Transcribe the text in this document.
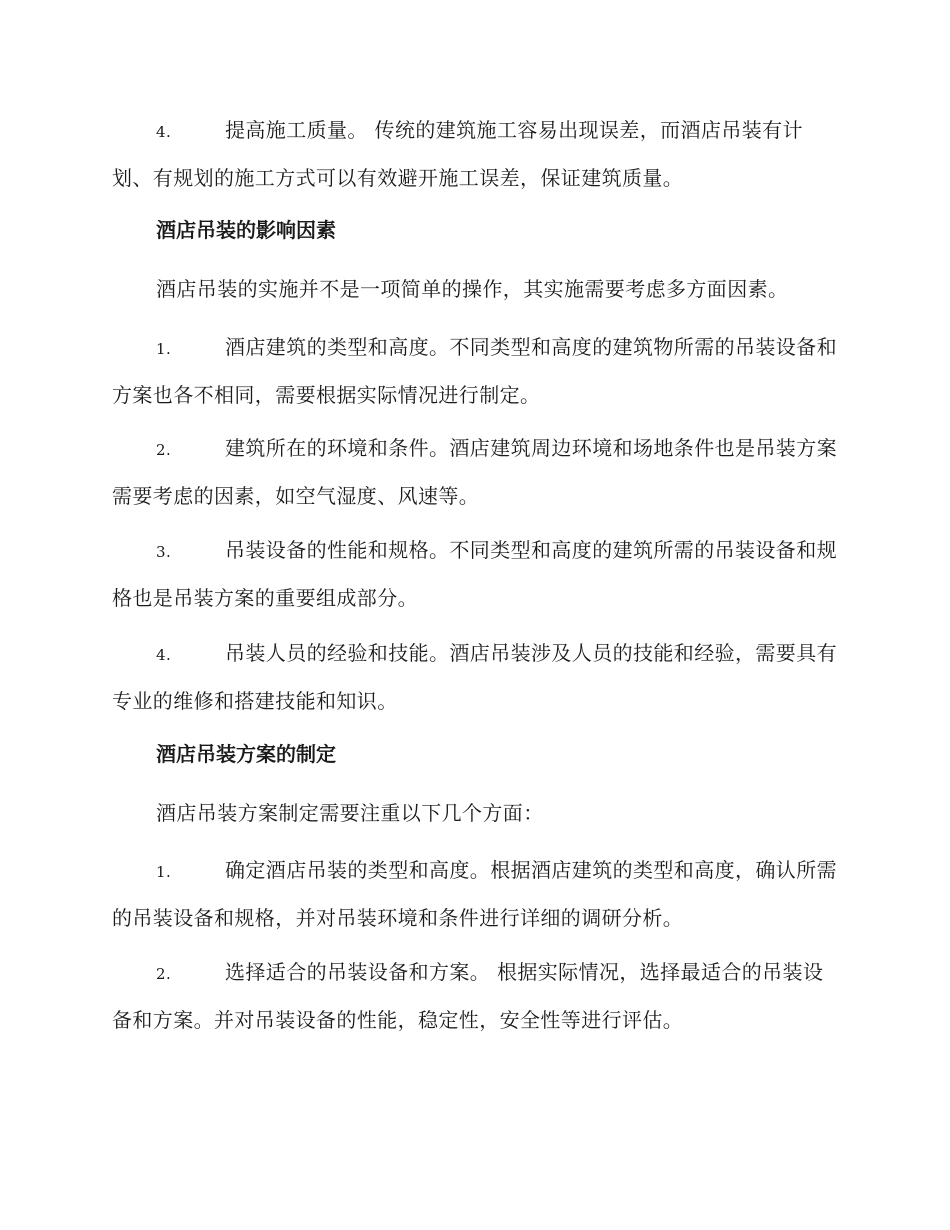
4.	提高施工质量。 传统的建筑施工容易出现误差，而酒店吊装有计划、有规划的施工方式可以有效避开施工误差，保证建筑质量。

酒店吊装的影响因素

酒店吊装的实施并不是一项简单的操作，其实施需要考虑多方面因素。

1.	酒店建筑的类型和高度。不同类型和高度的建筑物所需的吊装设备和方案也各不相同，需要根据实际情况进行制定。

2.	建筑所在的环境和条件。酒店建筑周边环境和场地条件也是吊装方案需要考虑的因素，如空气湿度、风速等。

3.	吊装设备的性能和规格。不同类型和高度的建筑所需的吊装设备和规格也是吊装方案的重要组成部分。

4.	吊装人员的经验和技能。酒店吊装涉及人员的技能和经验，需要具有专业的维修和搭建技能和知识。

酒店吊装方案的制定

酒店吊装方案制定需要注重以下几个方面：

1.	确定酒店吊装的类型和高度。根据酒店建筑的类型和高度，确认所需的吊装设备和规格，并对吊装环境和条件进行详细的调研分析。

2.	选择适合的吊装设备和方案。 根据实际情况，选择最适合的吊装设备和方案。并对吊装设备的性能，稳定性，安全性等进行评估。
